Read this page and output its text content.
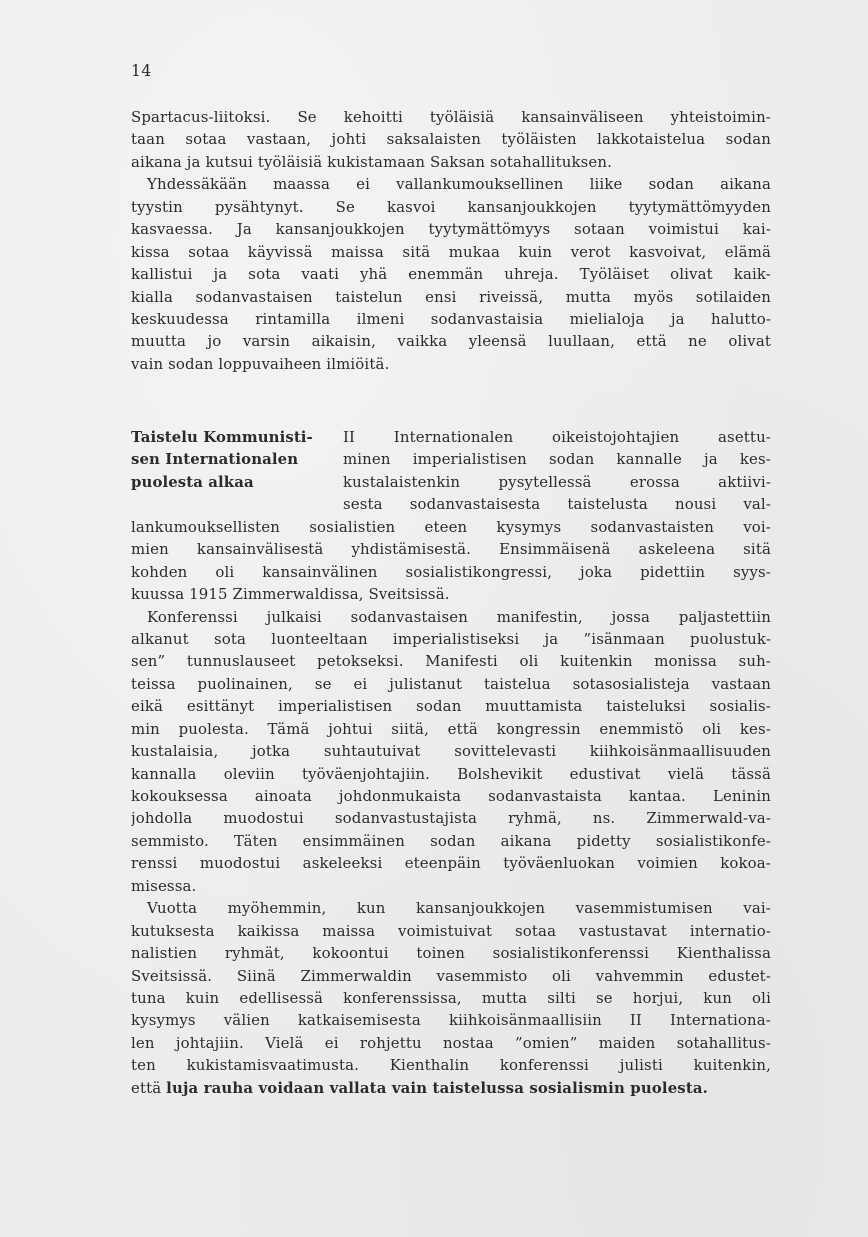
14
Spartacus-liitoksi. Se kehoitti työläisiä kansainväliseen yhteistoimin-
taan sotaa vastaan, johti saksalaisten työläisten lakkotaistelua sodan
aikana ja kutsui työläisiä kukistamaan Saksan sotahallituksen.
Yhdessäkään maassa ei vallankumouksellinen liike sodan aikana
tyystin pysähtynyt. Se kasvoi kansanjoukkojen tyytymättömyyden
kasvaessa. Ja kansanjoukkojen tyytymättömyys sotaan voimistui kai-
kissa sotaa käyvissä maissa sitä mukaa kuin verot kasvoivat, elämä
kallistui ja sota vaati yhä enemmän uhreja. Työläiset olivat kaik-
kialla sodanvastaisen taistelun ensi riveissä, mutta myös sotilaiden
keskuudessa rintamilla ilmeni sodanvastaisia mielialoja ja haluttо-
muutta jo varsin aikaisin, vaikka yleensä luullaan, että ne olivat
vain sodan loppuvaiheen ilmiöitä.
Taistelu Kommunisti-
sen Internationalen
puolesta alkaa
II Internationalen oikeistojohtajien asettu-
minen imperialistisen sodan kannalle ja kes-
kustalaistenkin pysytellessä erossa aktiivi-
sesta sodanvastaisesta taistelusta nousi val-
lankumouksellisten sosialistien eteen kysymys sodanvastaisten voi-
mien kansainvälisestä yhdistämisestä. Ensimmäisenä askeleena sitä
kohden oli kansainvälinen sosialistikongressi, joka pidettiin syys-
kuussa 1915 Zimmerwaldissa, Sveitsissä.
Konferenssi julkaisi sodanvastaisen manifestin, jossa paljastettiin
alkanut sota luonteeltaan imperialistiseksi ja ”isänmaan puolustuk-
sen” tunnuslauseet petokseksi. Manifesti oli kuitenkin monissa suh-
teissa puolinainen, se ei julistanut taistelua sotasosialisteja vastaan
eikä esittänyt imperialistisen sodan muuttamista taisteluksi sosialis-
min puolesta. Tämä johtui siitä, että kongressin enemmistö oli kes-
kustalaisia, jotka suhtautuivat sovittelevasti kiihkoisänmaallisuuden
kannalla oleviin työväenjohtajiin. Bolshevikit edustivat vielä tässä
kokouksessa ainoata johdonmukaista sodanvastaista kantaa. Leninin
johdolla muodostui sodanvastustajista ryhmä, ns. Zimmerwald-va-
semmisto. Täten ensimmäinen sodan aikana pidetty sosialistikonfe-
renssi muodostui askeleeksi eteenpäin työväenluokan voimien kokoa-
misessa.
Vuotta myöhemmin, kun kansanjoukkojen vasemmistumisen vai-
kutuksesta kaikissa maissa voimistuivat sotaa vastustavat internatio-
nalistien ryhmät, kokoontui toinen sosialistikonferenssi Kienthalissa
Sveitsissä. Siinä Zimmerwaldin vasemmisto oli vahvemmin edustet-
tuna kuin edellisessä konferenssissa, mutta silti se horjui, kun oli
kysymys välien katkaisemisesta kiihkoisänmaallisiin II Internationa-
len johtajiin. Vielä ei rohjettu nostaa ”omien” maiden sotahallitus-
ten kukistamisvaatimusta. Kienthalin konferenssi julisti kuitenkin,
että luja rauha voidaan vallata vain taistelussa sosialismin puolesta.
